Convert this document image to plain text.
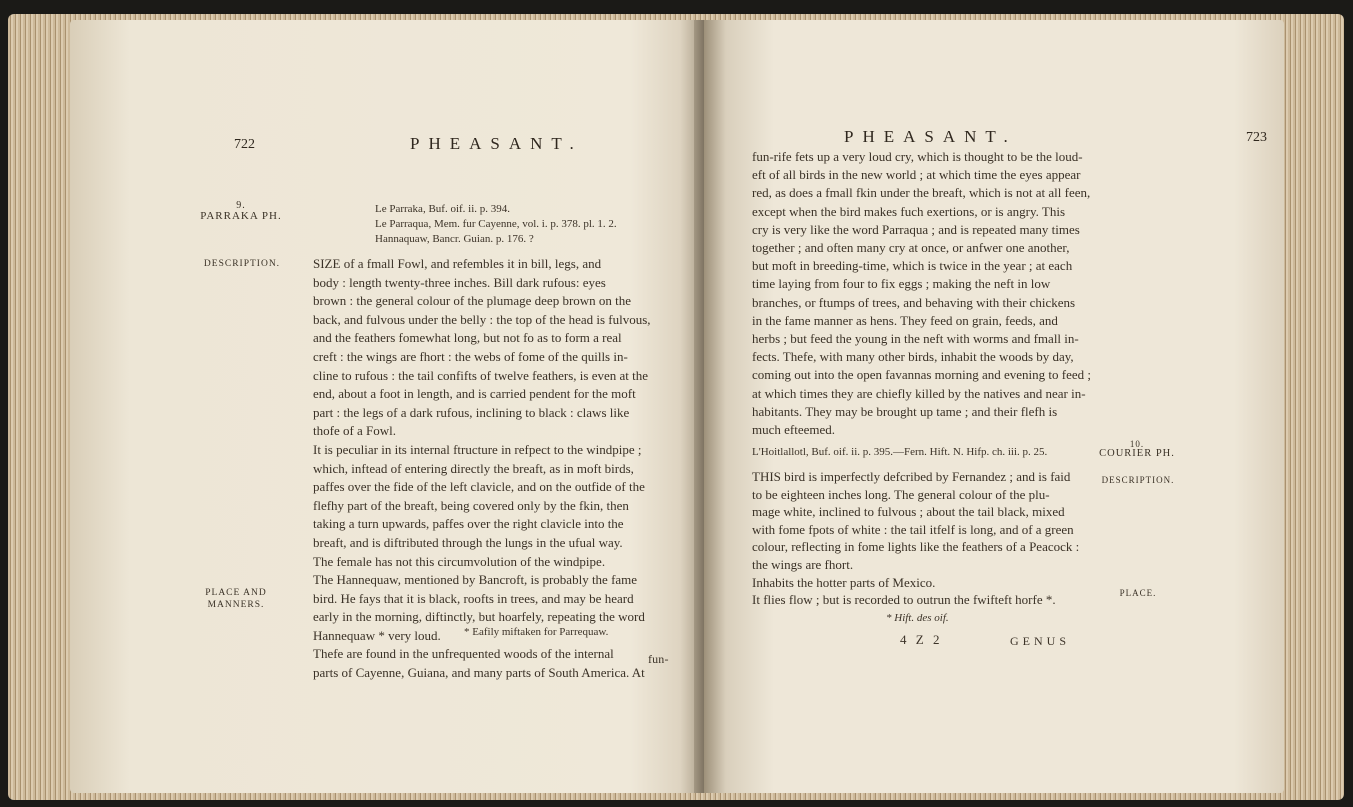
722	PHEASANT.
9.
PARRAKA PH.
Le Parraka, Buf. oif. ii. p. 394.
Le Parraqua, Mem. fur Cayenne, vol. i. p. 378. pl. 1. 2.
Hannaquaw, Bancr. Guian. p. 176. ?
DESCRIPTION.
PLACE AND MANNERS.

SIZE of a fmall Fowl, and refembles it in bill, legs, and

body : length twenty-three inches. Bill dark rufous: eyes

brown : the general colour of the plumage deep brown on the

back, and fulvous under the belly : the top of the head is fulvous,

and the feathers fomewhat long, but not fo as to form a real

creft : the wings are fhort : the webs of fome of the quills in-

cline to rufous : the tail confifts of twelve feathers, is even at the

end, about a foot in length, and is carried pendent for the moft

part : the legs of a dark rufous, inclining to black : claws like

thofe of a Fowl.

It is peculiar in its internal ftructure in refpect to the windpipe ;

which, inftead of entering directly the breaft, as in moft birds,

paffes over the fide of the left clavicle, and on the outfide of the

flefhy part of the breaft, being covered only by the fkin, then

taking a turn upwards, paffes over the right clavicle into the

breaft, and is diftributed through the lungs in the ufual way.

The female has not this circumvolution of the windpipe.

The Hannequaw, mentioned by Bancroft, is probably the fame

bird. He fays that it is black, roofts in trees, and may be heard

early in the morning, diftinctly, but hoarfely, repeating the word

Hannequaw * very loud.

Thefe are found in the unfrequented woods of the internal

parts of Cayenne, Guiana, and many parts of South America. At

* Eafily miftaken for Parrequaw.
fun-
PHEASANT.	723

fun-rife fets up a very loud cry, which is thought to be the loud-

eft of all birds in the new world ; at which time the eyes appear

red, as does a fmall fkin under the breaft, which is not at all feen,

except when the bird makes fuch exertions, or is angry. This

cry is very like the word Parraqua ; and is repeated many times

together ; and often many cry at once, or anfwer one another,

but moft in breeding-time, which is twice in the year ; at each

time laying from four to fix eggs ; making the neft in low

branches, or ftumps of trees, and behaving with their chickens

in the fame manner as hens. They feed on grain, feeds, and

herbs ; but feed the young in the neft with worms and fmall in-

fects. Thefe, with many other birds, inhabit the woods by day,

coming out into the open favannas morning and evening to feed ;

at which times they are chiefly killed by the natives and near in-

habitants. They may be brought up tame ; and their flefh is

much efteemed.

L'Hoitlallotl, Buf. oif. ii. p. 395.—Fern. Hift. N. Hifp. ch. iii. p. 25.
10.
COURIER PH.
DESCRIPTION.
PLACE.

THIS bird is imperfectly defcribed by Fernandez ; and is faid

to be eighteen inches long. The general colour of the plu-

mage white, inclined to fulvous ; about the tail black, mixed

with fome fpots of white : the tail itfelf is long, and of a green

colour, reflecting in fome lights like the feathers of a Peacock :

the wings are fhort.

Inhabits the hotter parts of Mexico.

It flies flow ; but is recorded to outrun the fwifteft horfe *.

* Hift. des oif.
4 Z 2	GENUS
